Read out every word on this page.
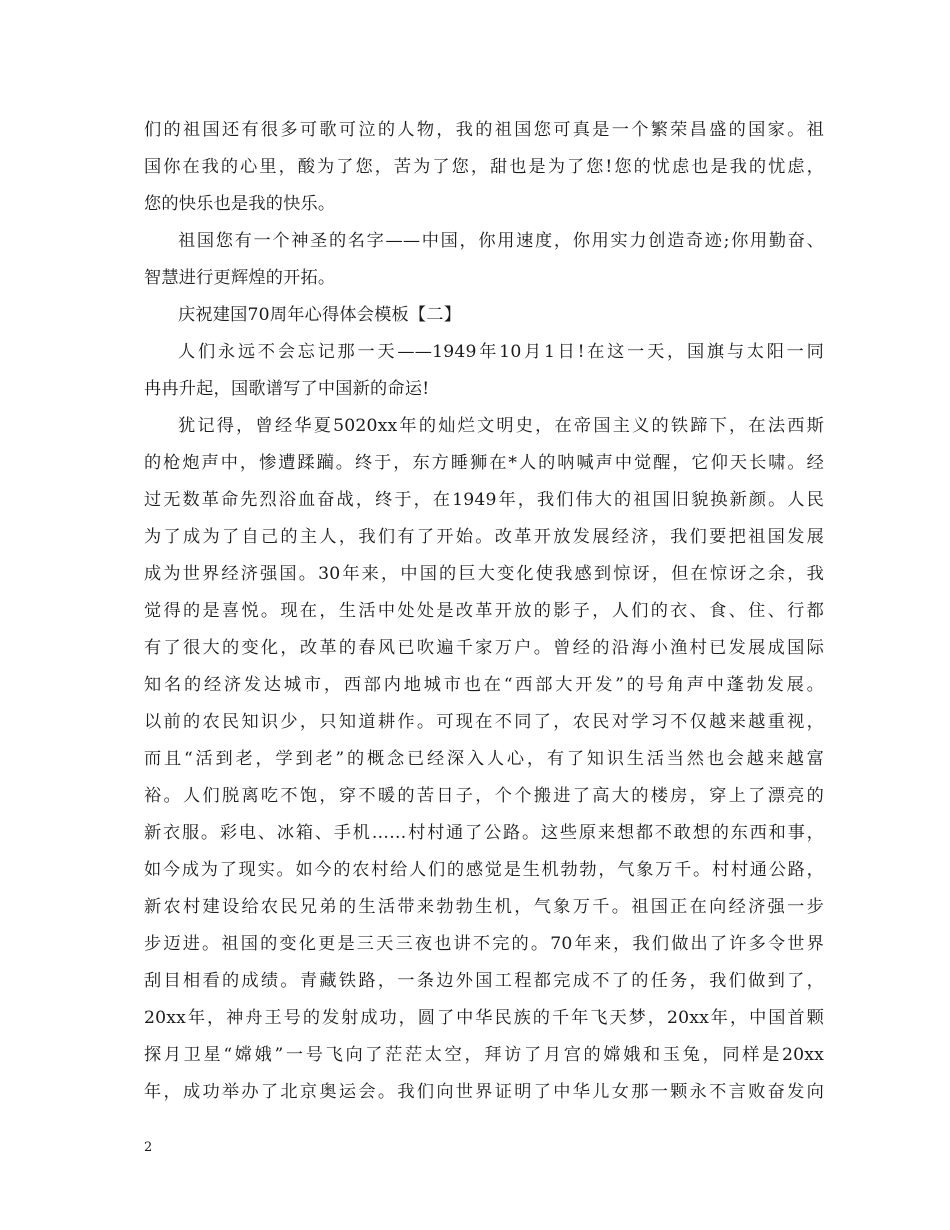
们的祖国还有很多可歌可泣的人物，我的祖国您可真是一个繁荣昌盛的国家。祖
国你在我的心里，酸为了您，苦为了您，甜也是为了您!您的忧虑也是我的忧虑，
您的快乐也是我的快乐。
祖国您有一个神圣的名字——中国，你用速度，你用实力创造奇迹;你用勤奋、
智慧进行更辉煌的开拓。
庆祝建国70周年心得体会模板【二】
人们永远不会忘记那一天——1949年10月1日!在这一天，国旗与太阳一同
冉冉升起，国歌谱写了中国新的命运!
犹记得，曾经华夏5020xx年的灿烂文明史，在帝国主义的铁蹄下，在法西斯
的枪炮声中，惨遭蹂躏。终于，东方睡狮在*人的呐喊声中觉醒，它仰天长啸。经
过无数革命先烈浴血奋战，终于，在1949年，我们伟大的祖国旧貌换新颜。人民
为了成为了自己的主人，我们有了开始。改革开放发展经济，我们要把祖国发展
成为世界经济强国。30年来，中国的巨大变化使我感到惊讶，但在惊讶之余，我
觉得的是喜悦。现在，生活中处处是改革开放的影子，人们的衣、食、住、行都
有了很大的变化，改革的春风已吹遍千家万户。曾经的沿海小渔村已发展成国际
知名的经济发达城市，西部内地城市也在“西部大开发”的号角声中蓬勃发展。
以前的农民知识少，只知道耕作。可现在不同了，农民对学习不仅越来越重视，
而且“活到老，学到老”的概念已经深入人心，有了知识生活当然也会越来越富
裕。人们脱离吃不饱，穿不暖的苦日子，个个搬进了高大的楼房，穿上了漂亮的
新衣服。彩电、冰箱、手机……村村通了公路。这些原来想都不敢想的东西和事，
如今成为了现实。如今的农村给人们的感觉是生机勃勃，气象万千。村村通公路，
新农村建设给农民兄弟的生活带来勃勃生机，气象万千。祖国正在向经济强一步
步迈进。祖国的变化更是三天三夜也讲不完的。70年来，我们做出了许多令世界
刮目相看的成绩。青藏铁路，一条边外国工程都完成不了的任务，我们做到了，
20xx年，神舟王号的发射成功，圆了中华民族的千年飞天梦，20xx年，中国首颗
探月卫星“嫦娥”一号飞向了茫茫太空，拜访了月宫的嫦娥和玉兔，同样是20xx
年，成功举办了北京奥运会。我们向世界证明了中华儿女那一颗永不言败奋发向
2
